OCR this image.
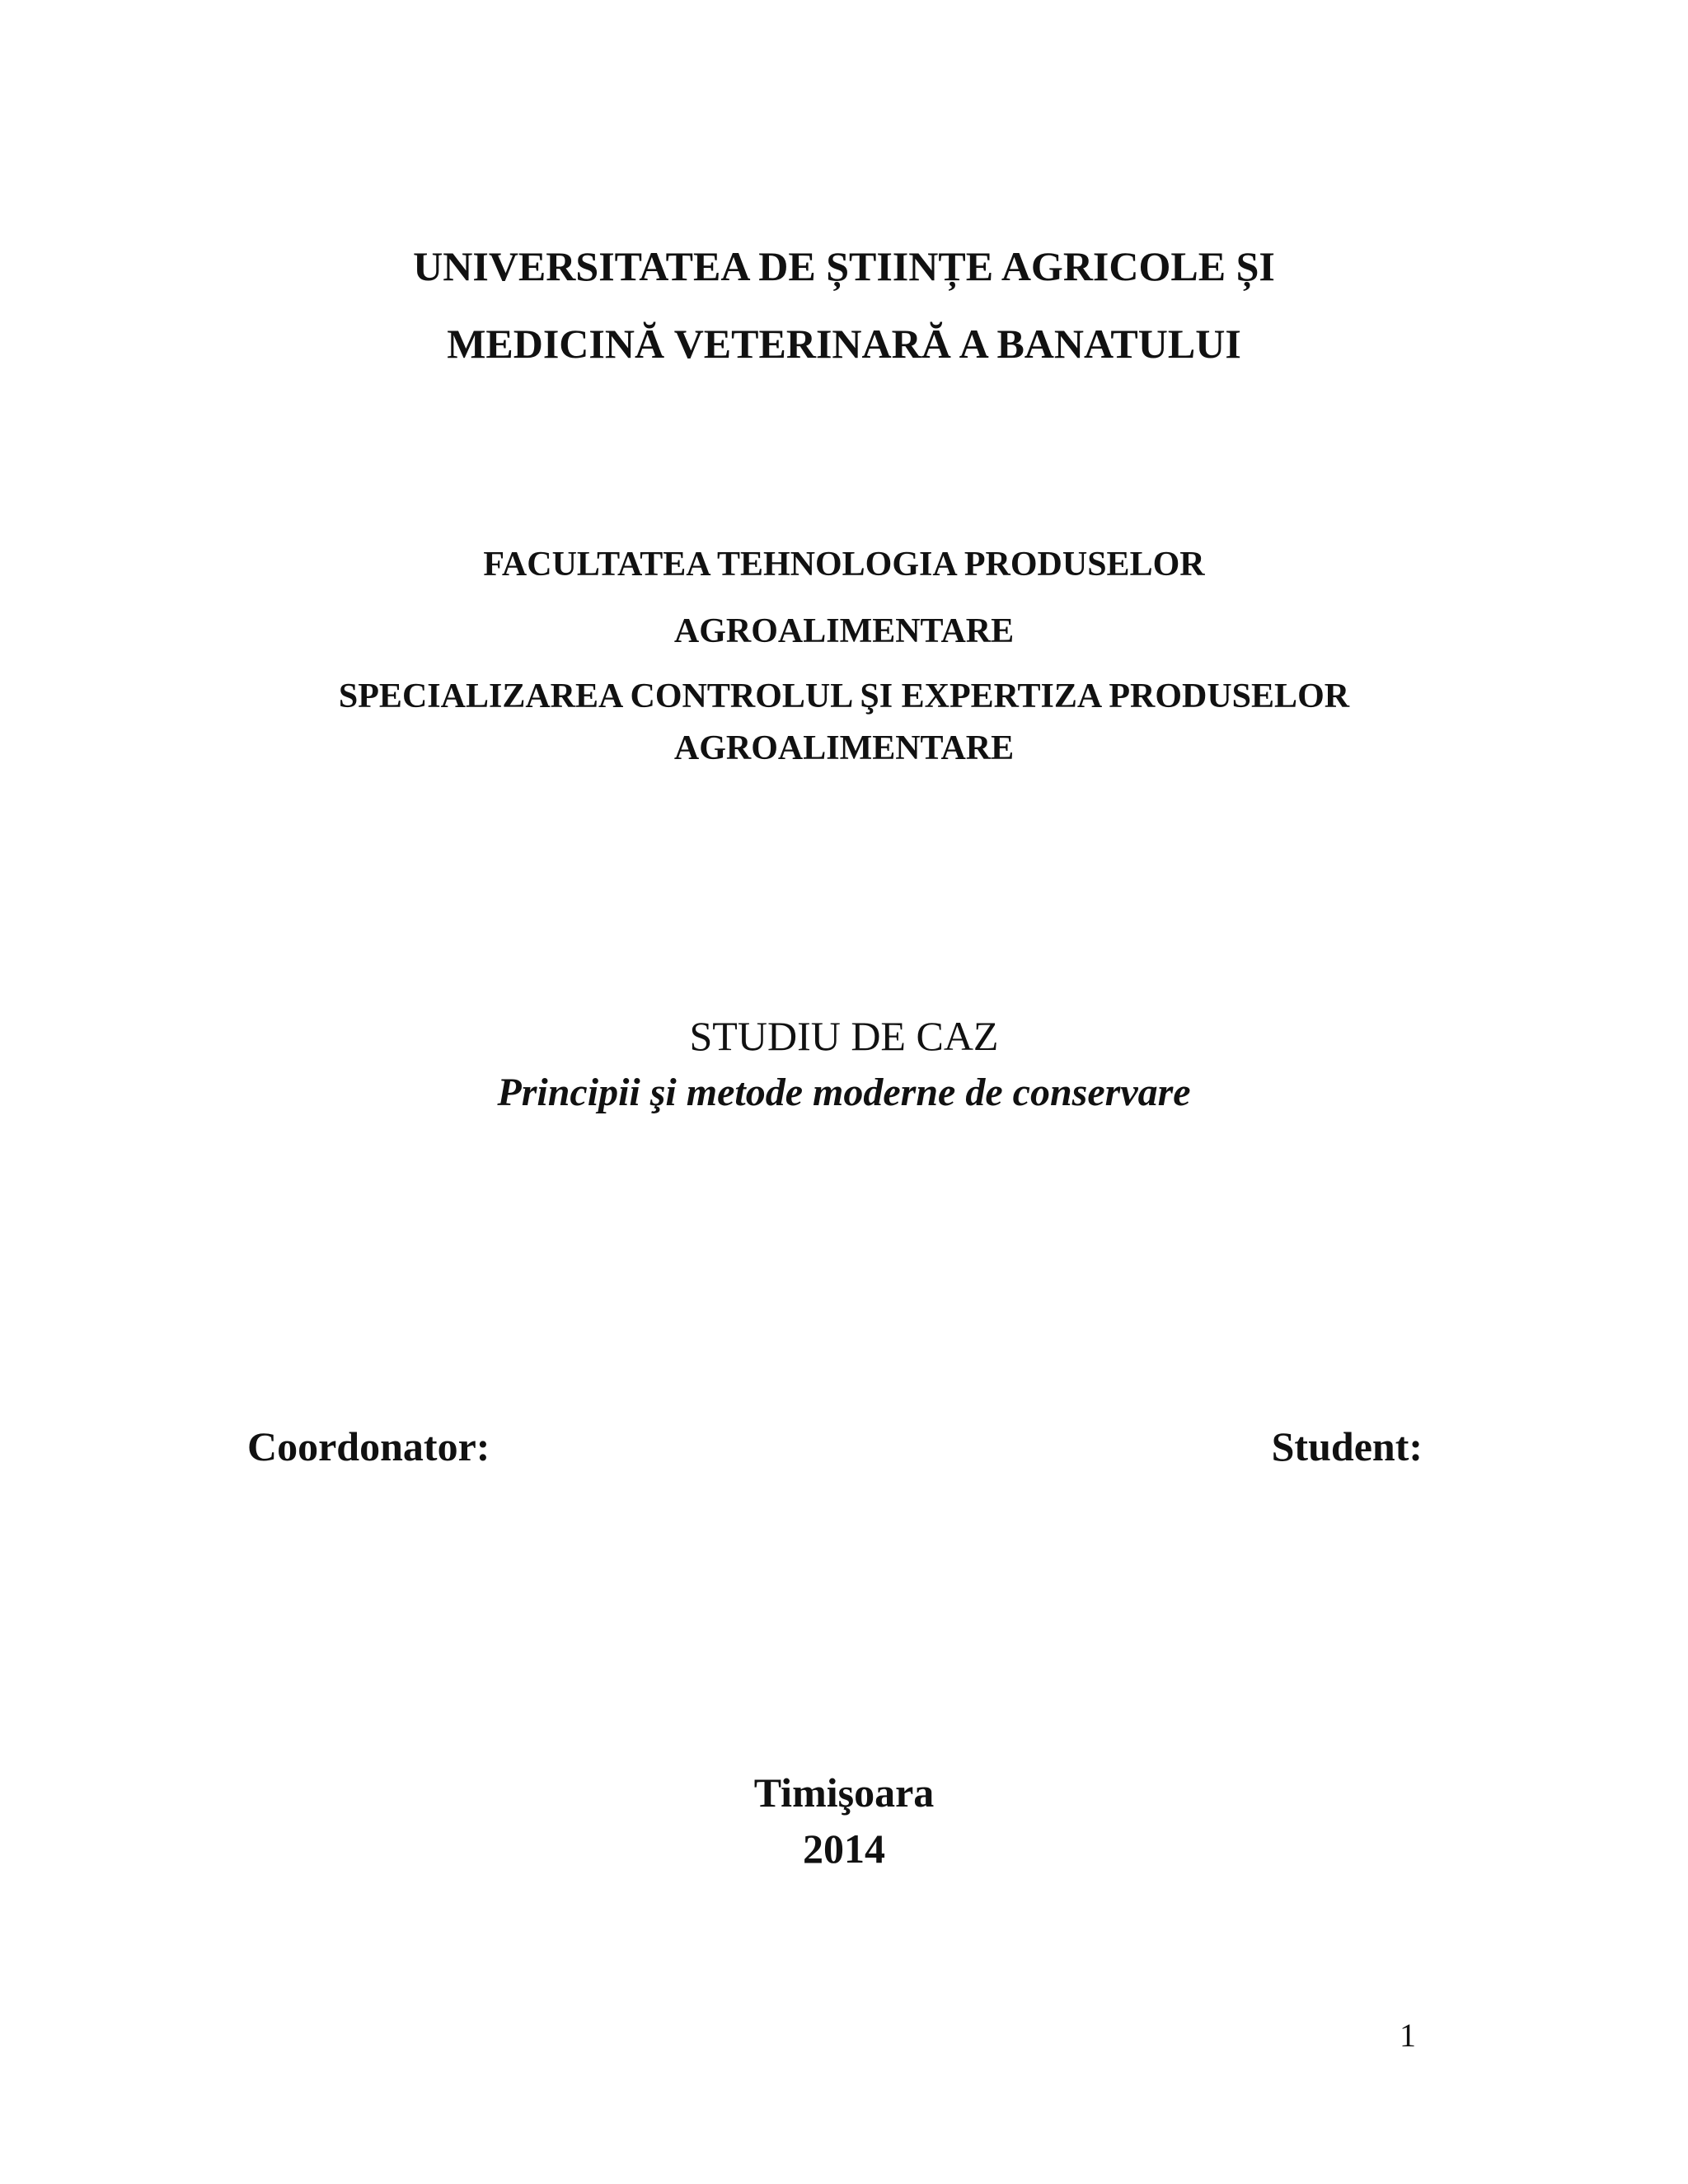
UNIVERSITATEA DE ȘTIINȚE AGRICOLE ȘI
MEDICINĂ VETERINARĂ A BANATULUI
FACULTATEA TEHNOLOGIA PRODUSELOR
AGROALIMENTARE
SPECIALIZAREA CONTROLUL ŞI EXPERTIZA PRODUSELOR
AGROALIMENTARE
STUDIU DE CAZ
Principii şi metode moderne de conservare
Coordonator:	Student:
Timişoara
2014
1
